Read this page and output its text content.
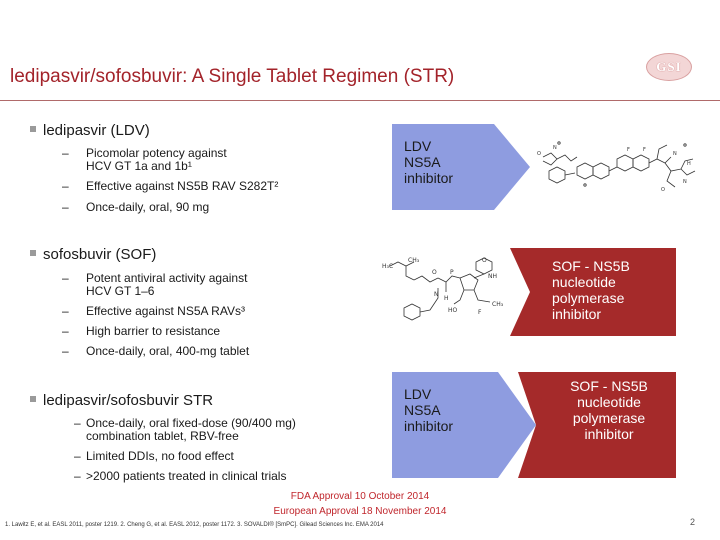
ledipasvir/sofosbuvir: A Single Tablet Regimen (STR)	GSI
ledipasvir (LDV)
– Picomolar potency against
HCV GT 1a and 1b¹
– Effective against NS5B RAV S282T²
– Once-daily, oral, 90 mg
sofosbuvir (SOF)
– Potent antiviral activity against
HCV GT 1–6
– Effective against NS5A RAVs³
– High barrier to resistance
– Once-daily, oral, 400-mg tablet
ledipasvir/sofosbuvir STR
– Once-daily, oral fixed-dose (90/400 mg)
combination tablet, RBV-free
– Limited DDIs, no food effect
– >2000 patients treated in clinical trials
LDV
NS5A
inhibitor
SOF - NS5B
nucleotide
polymerase
inhibitor
LDV
NS5A
inhibitor
SOF - NS5B
nucleotide
polymerase
inhibitor
O
N	F	F
N
H
O
N
H₃C
CH₃
O P
O
NH
CH₃
F
HO
N
H
FDA Approval 10 October 2014
European Approval 18 November 2014
1. Lawitz E, et al. EASL 2011, poster 1219. 2. Cheng G, et al. EASL 2012, poster 1172. 3. SOVALDI® [SmPC]. Gilead Sciences Inc. EMA 2014	2
